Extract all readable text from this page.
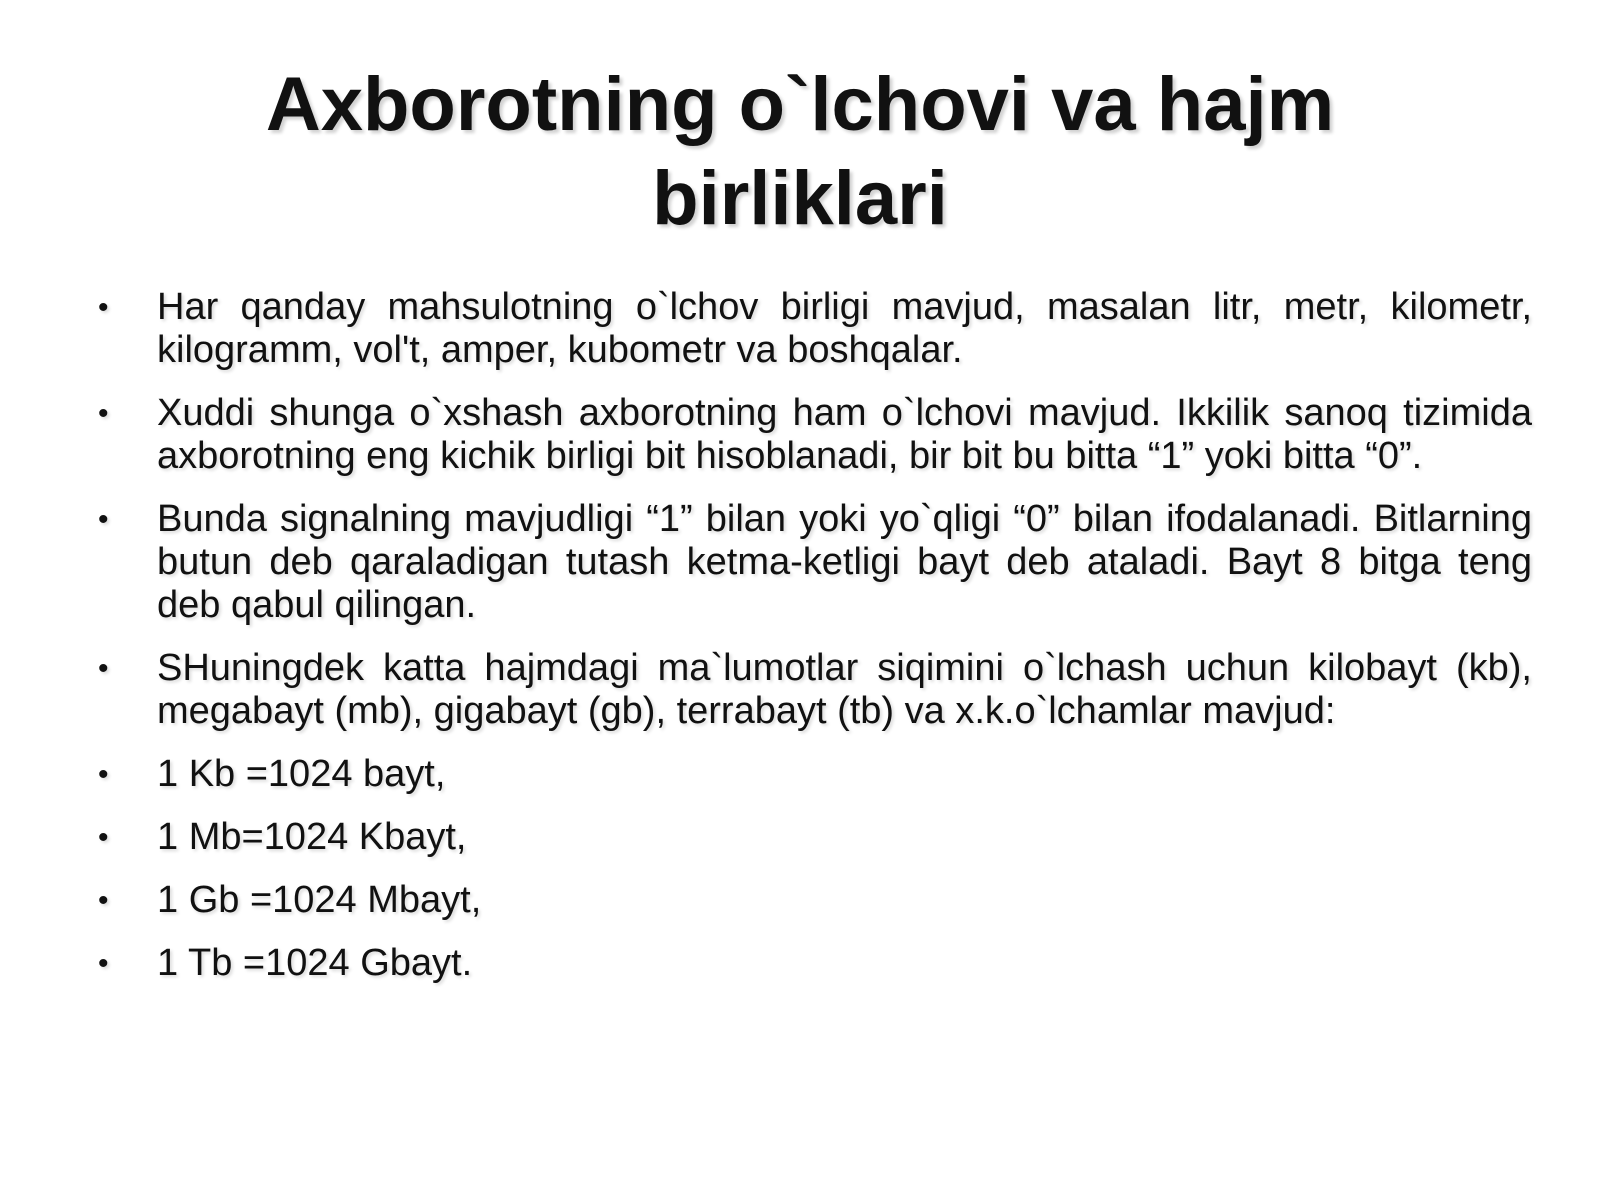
Axborotning o`lchovi va hajm
birliklari
• Har qanday mahsulotning o`lchov birligi mavjud, masalan litr, metr, kilometr, kilogramm, vol't, amper, kubometr va boshqalar.
• Xuddi shunga o`xshash axborotning ham o`lchovi mavjud. Ikkilik sanoq tizimida axborotning eng kichik birligi bit hisoblanadi, bir bit bu bitta “1” yoki bitta “0”.
• Bunda signalning mavjudligi “1” bilan yoki yo`qligi “0” bilan ifodalanadi. Bitlarning butun deb qaraladigan tutash ketma-ketligi bayt deb ataladi. Bayt 8 bitga teng deb qabul qilingan.
• SHuningdek katta hajmdagi ma`lumotlar siqimini o`lchash uchun kilobayt (kb), megabayt (mb), gigabayt (gb), terrabayt (tb) va x.k.o`lchamlar mavjud:
• 1 Kb =1024 bayt,
• 1 Mb=1024 Kbayt,
• 1 Gb =1024 Mbayt,
• 1 Tb =1024 Gbayt.
